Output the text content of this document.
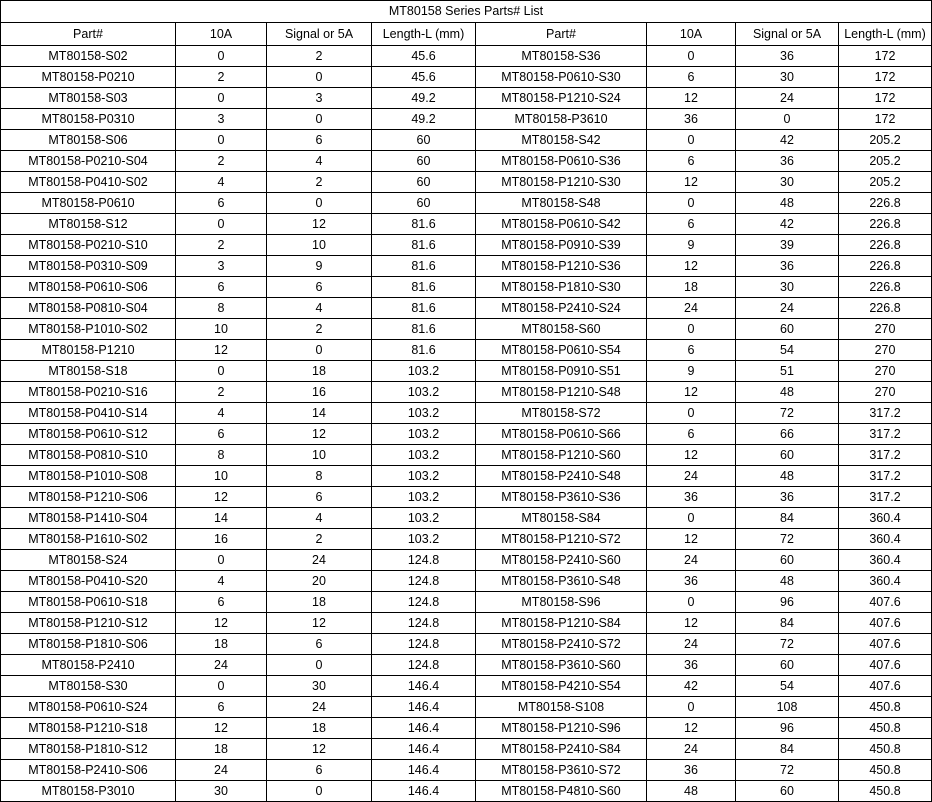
MT80158 Series Parts# List							
Part#	10A	Signal or 5A	Length-L (mm)	Part#	10A	Signal or 5A	Length-L (mm)
MT80158-S02	0	2	45.6	MT80158-S36	0	36	172
MT80158-P0210	2	0	45.6	MT80158-P0610-S30	6	30	172
MT80158-S03	0	3	49.2	MT80158-P1210-S24	12	24	172
MT80158-P0310	3	0	49.2	MT80158-P3610	36	0	172
MT80158-S06	0	6	60	MT80158-S42	0	42	205.2
MT80158-P0210-S04	2	4	60	MT80158-P0610-S36	6	36	205.2
MT80158-P0410-S02	4	2	60	MT80158-P1210-S30	12	30	205.2
MT80158-P0610	6	0	60	MT80158-S48	0	48	226.8
MT80158-S12	0	12	81.6	MT80158-P0610-S42	6	42	226.8
MT80158-P0210-S10	2	10	81.6	MT80158-P0910-S39	9	39	226.8
MT80158-P0310-S09	3	9	81.6	MT80158-P1210-S36	12	36	226.8
MT80158-P0610-S06	6	6	81.6	MT80158-P1810-S30	18	30	226.8
MT80158-P0810-S04	8	4	81.6	MT80158-P2410-S24	24	24	226.8
MT80158-P1010-S02	10	2	81.6	MT80158-S60	0	60	270
MT80158-P1210	12	0	81.6	MT80158-P0610-S54	6	54	270
MT80158-S18	0	18	103.2	MT80158-P0910-S51	9	51	270
MT80158-P0210-S16	2	16	103.2	MT80158-P1210-S48	12	48	270
MT80158-P0410-S14	4	14	103.2	MT80158-S72	0	72	317.2
MT80158-P0610-S12	6	12	103.2	MT80158-P0610-S66	6	66	317.2
MT80158-P0810-S10	8	10	103.2	MT80158-P1210-S60	12	60	317.2
MT80158-P1010-S08	10	8	103.2	MT80158-P2410-S48	24	48	317.2
MT80158-P1210-S06	12	6	103.2	MT80158-P3610-S36	36	36	317.2
MT80158-P1410-S04	14	4	103.2	MT80158-S84	0	84	360.4
MT80158-P1610-S02	16	2	103.2	MT80158-P1210-S72	12	72	360.4
MT80158-S24	0	24	124.8	MT80158-P2410-S60	24	60	360.4
MT80158-P0410-S20	4	20	124.8	MT80158-P3610-S48	36	48	360.4
MT80158-P0610-S18	6	18	124.8	MT80158-S96	0	96	407.6
MT80158-P1210-S12	12	12	124.8	MT80158-P1210-S84	12	84	407.6
MT80158-P1810-S06	18	6	124.8	MT80158-P2410-S72	24	72	407.6
MT80158-P2410	24	0	124.8	MT80158-P3610-S60	36	60	407.6
MT80158-S30	0	30	146.4	MT80158-P4210-S54	42	54	407.6
MT80158-P0610-S24	6	24	146.4	MT80158-S108	0	108	450.8
MT80158-P1210-S18	12	18	146.4	MT80158-P1210-S96	12	96	450.8
MT80158-P1810-S12	18	12	146.4	MT80158-P2410-S84	24	84	450.8
MT80158-P2410-S06	24	6	146.4	MT80158-P3610-S72	36	72	450.8
MT80158-P3010	30	0	146.4	MT80158-P4810-S60	48	60	450.8
